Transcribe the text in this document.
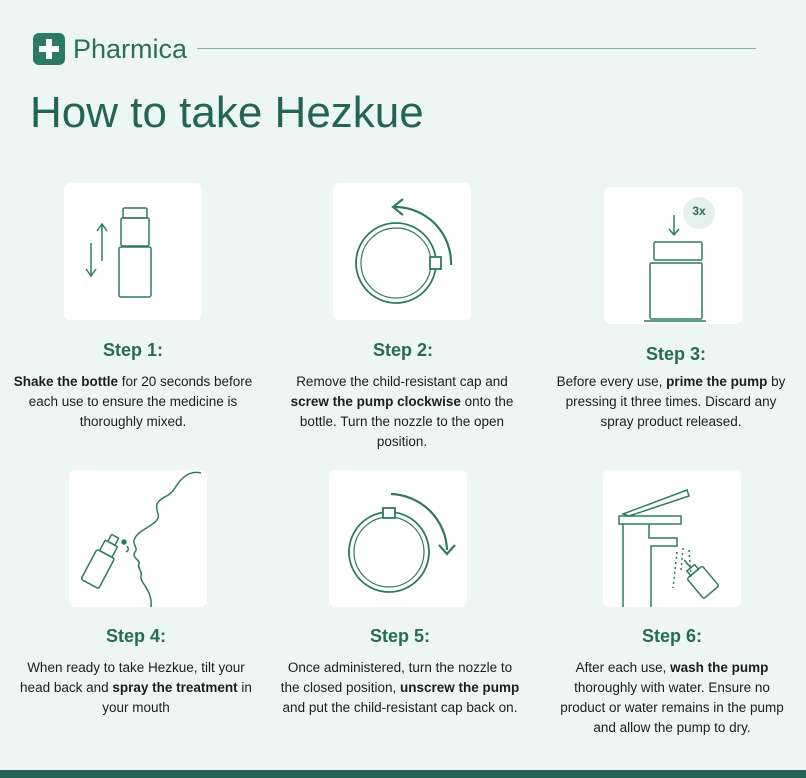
Pharmica
How to take Hezkue
Step 1:
Shake the bottle for 20 seconds before each use to ensure the medicine is thoroughly mixed.
Step 2:
Remove the child-resistant cap and screw the pump clockwise onto the bottle. Turn the nozzle to the open position.
3x
Step 3:
Before every use, prime the pump by pressing it three times. Discard any spray product released.
Step 4:
When ready to take Hezkue, tilt your head back and spray the treatment in your mouth
Step 5:
Once administered, turn the nozzle to the closed position, unscrew the pump and put the child-resistant cap back on.
Step 6:
After each use, wash the pump thoroughly with water. Ensure no product or water remains in the pump and allow the pump to dry.
